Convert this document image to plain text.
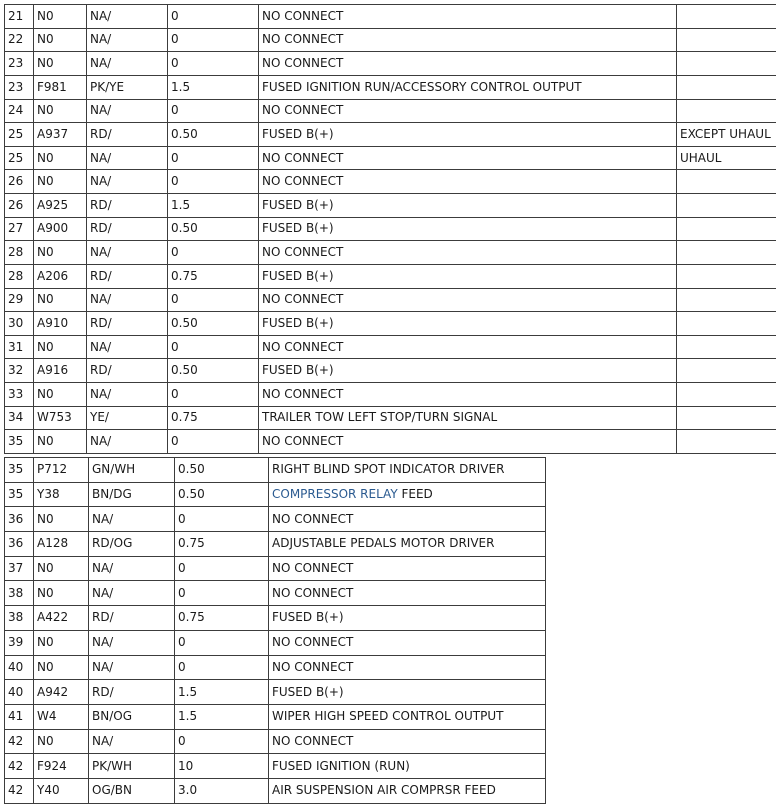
21	N0	NA/	0	NO CONNECT	
22	N0	NA/	0	NO CONNECT	
23	N0	NA/	0	NO CONNECT	
23	F981	PK/YE	1.5	FUSED IGNITION RUN/ACCESSORY CONTROL OUTPUT	
24	N0	NA/	0	NO CONNECT	
25	A937	RD/	0.50	FUSED B(+)	EXCEPT UHAUL
25	N0	NA/	0	NO CONNECT	UHAUL
26	N0	NA/	0	NO CONNECT	
26	A925	RD/	1.5	FUSED B(+)	
27	A900	RD/	0.50	FUSED B(+)	
28	N0	NA/	0	NO CONNECT	
28	A206	RD/	0.75	FUSED B(+)	
29	N0	NA/	0	NO CONNECT	
30	A910	RD/	0.50	FUSED B(+)	
31	N0	NA/	0	NO CONNECT	
32	A916	RD/	0.50	FUSED B(+)	
33	N0	NA/	0	NO CONNECT	
34	W753	YE/	0.75	TRAILER TOW LEFT STOP/TURN SIGNAL	
35	N0	NA/	0	NO CONNECT	
35	P712	GN/WH	0.50	RIGHT BLIND SPOT INDICATOR DRIVER
35	Y38	BN/DG	0.50	COMPRESSOR RELAY FEED
36	N0	NA/	0	NO CONNECT
36	A128	RD/OG	0.75	ADJUSTABLE PEDALS MOTOR DRIVER
37	N0	NA/	0	NO CONNECT
38	N0	NA/	0	NO CONNECT
38	A422	RD/	0.75	FUSED B(+)
39	N0	NA/	0	NO CONNECT
40	N0	NA/	0	NO CONNECT
40	A942	RD/	1.5	FUSED B(+)
41	W4	BN/OG	1.5	WIPER HIGH SPEED CONTROL OUTPUT
42	N0	NA/	0	NO CONNECT
42	F924	PK/WH	10	FUSED IGNITION (RUN)
42	Y40	OG/BN	3.0	AIR SUSPENSION AIR COMPRSR FEED
